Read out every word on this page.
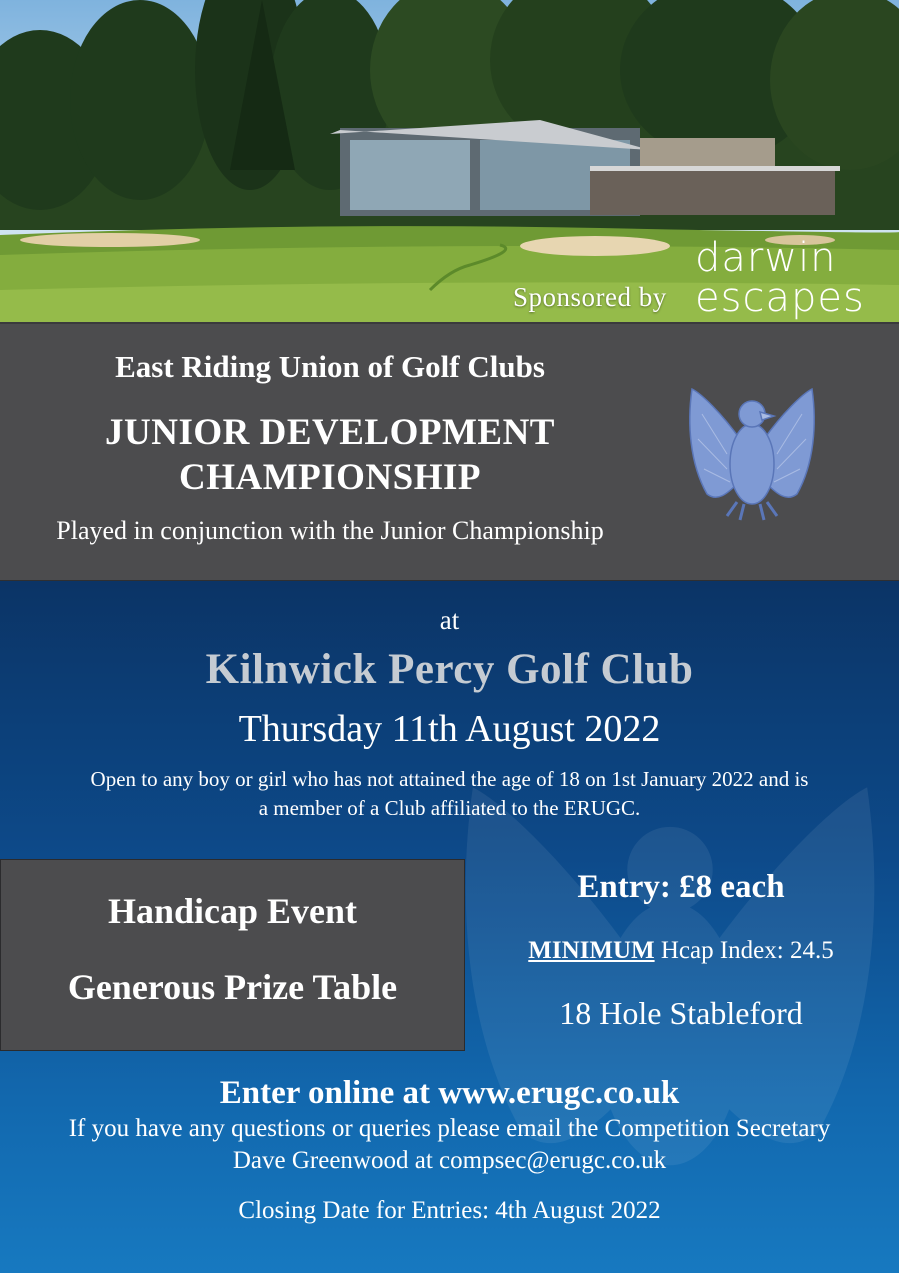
Sponsored by
darwin
escapes
East Riding Union of Golf Clubs
JUNIOR DEVELOPMENT
CHAMPIONSHIP
Played in conjunction with the Junior Championship
at
Kilnwick Percy Golf Club
Thursday 11th August 2022
Open to any boy or girl who has not attained the age of 18 on 1st January 2022 and is
a member of a Club affiliated to the ERUGC.
Handicap Event
Generous Prize Table
Entry: £8 each
MINIMUM Hcap Index: 24.5
18 Hole Stableford
Enter online at www.erugc.co.uk
If you have any questions or queries please email the Competition Secretary
Dave Greenwood at compsec@erugc.co.uk
Closing Date for Entries: 4th August 2022
